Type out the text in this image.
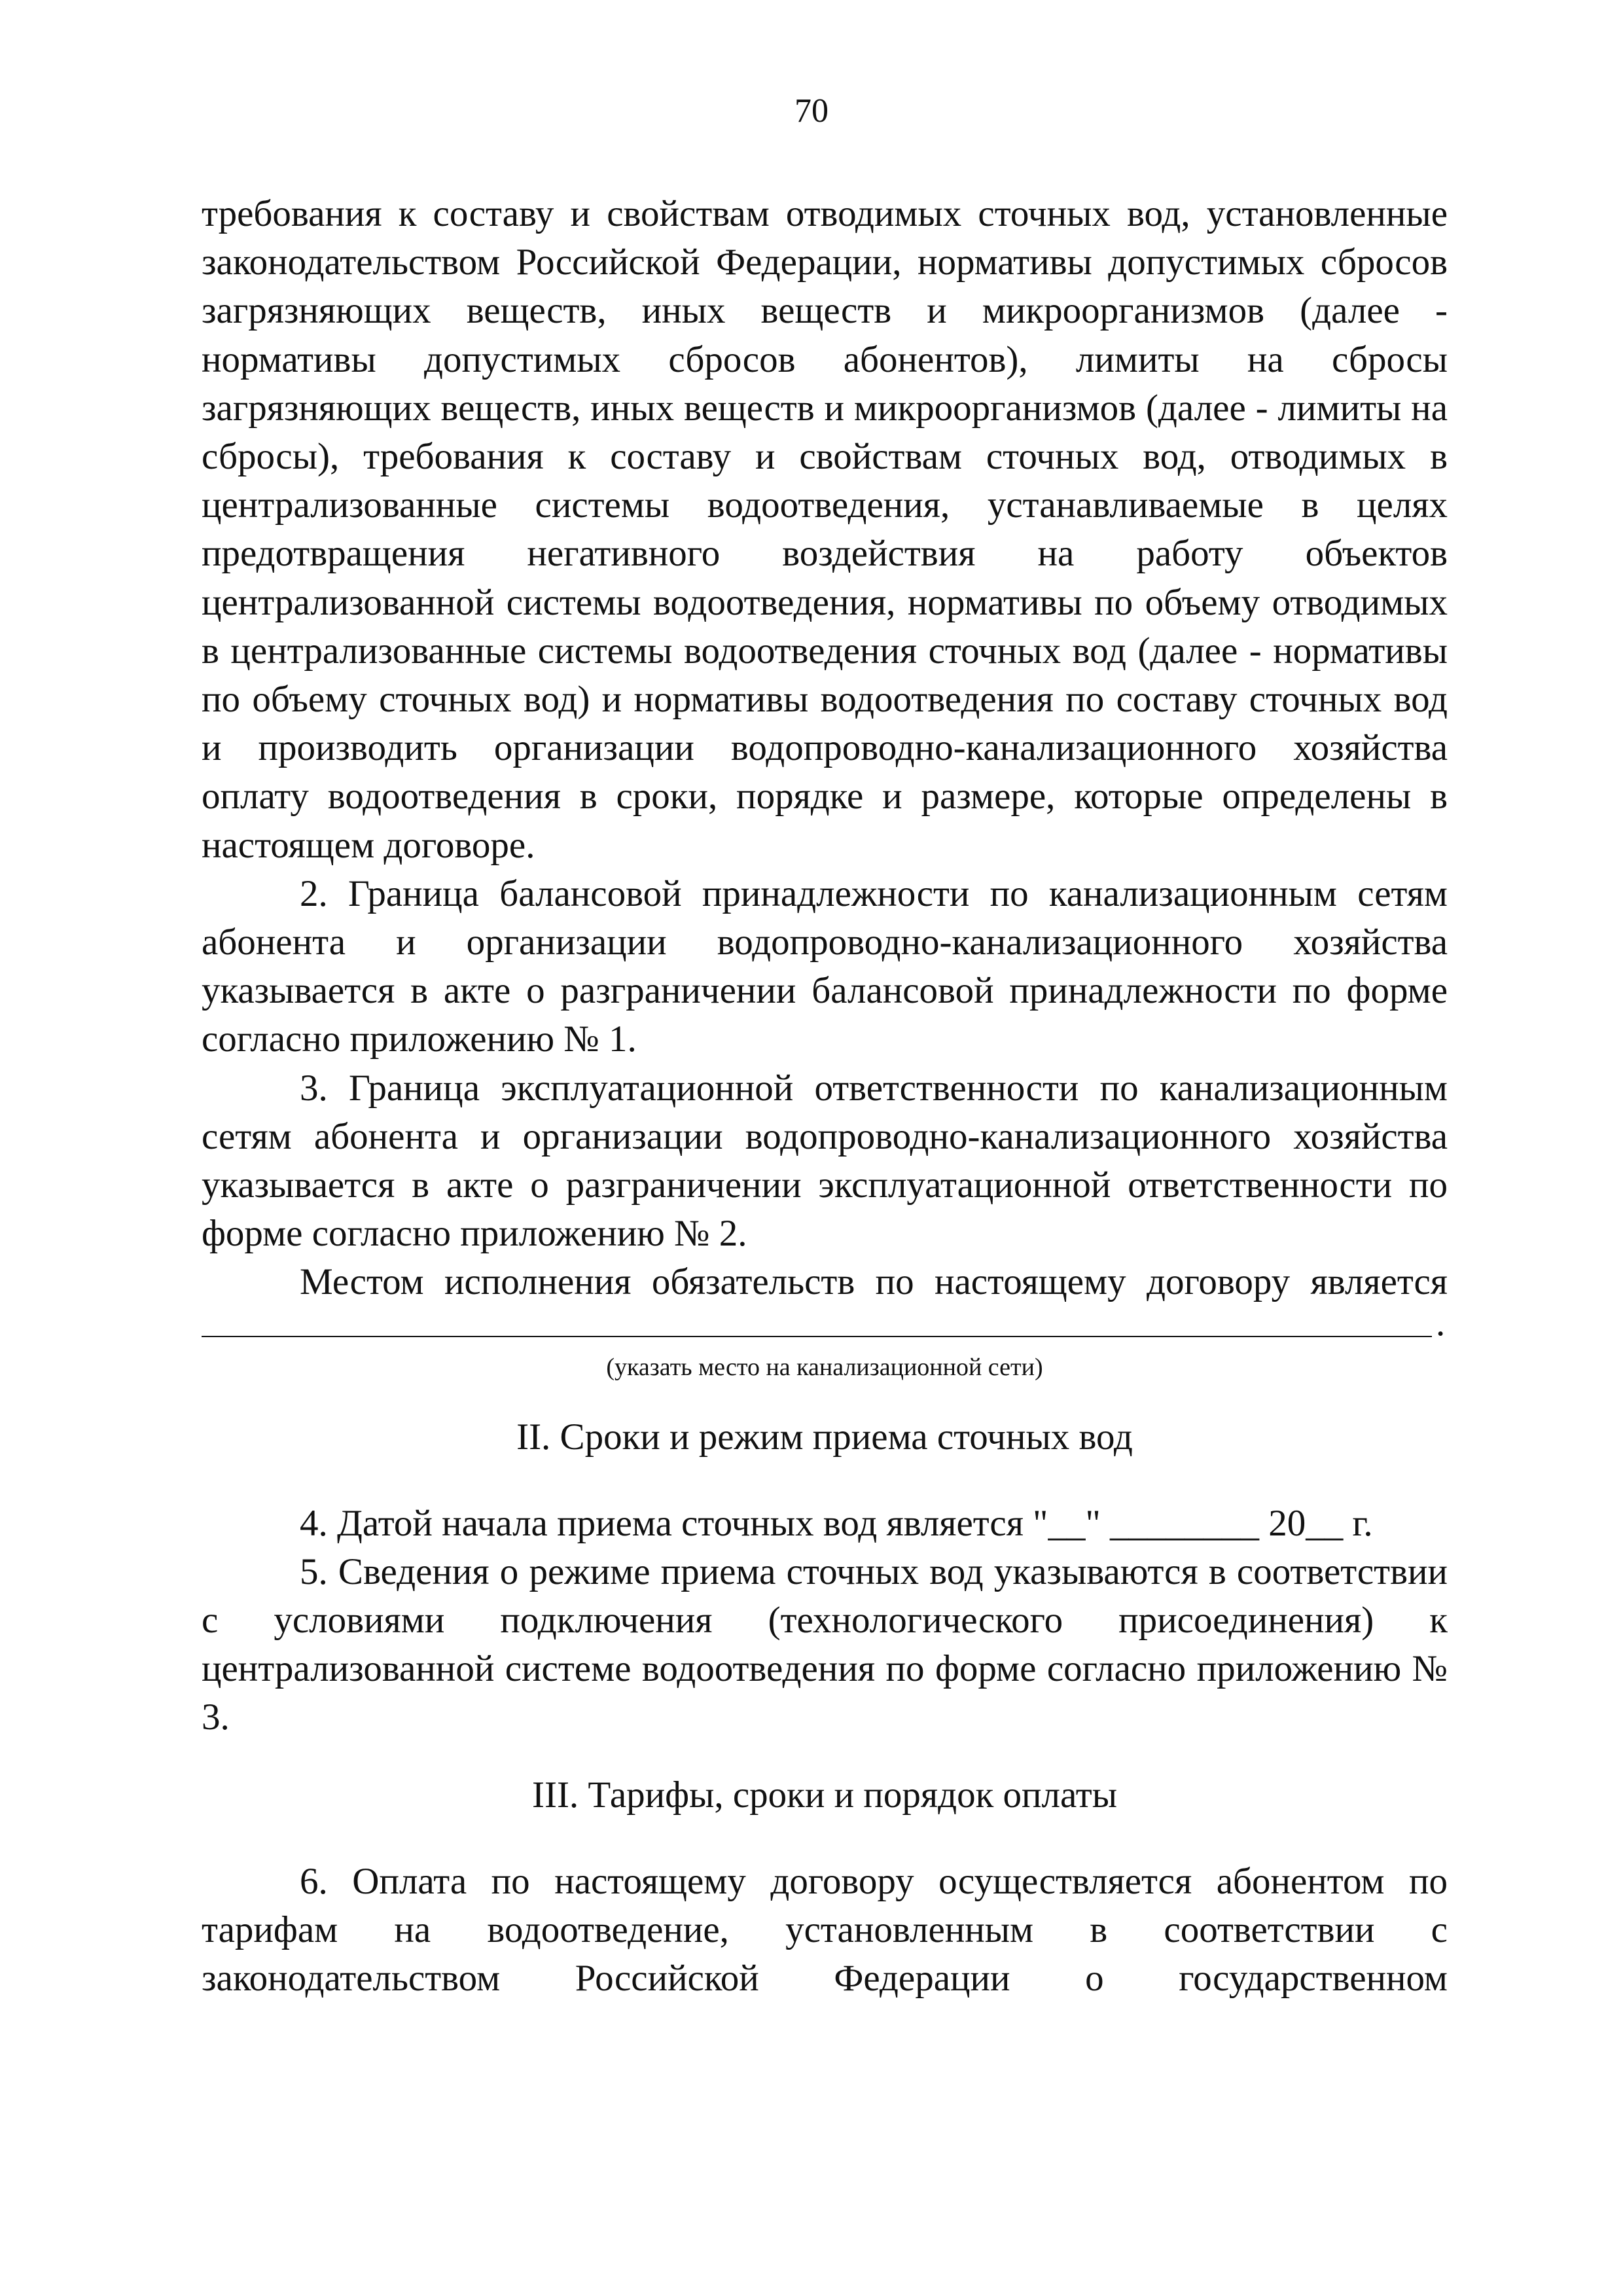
70

требования к составу и свойствам отводимых сточных вод, установленные законодательством Российской Федерации, нормативы допустимых сбросов загрязняющих веществ, иных веществ и микроорганизмов (далее - нормативы допустимых сбросов абонентов), лимиты на сбросы загрязняющих веществ, иных веществ и микроорганизмов (далее - лимиты на сбросы), требования к составу и свойствам сточных вод, отводимых в централизованные системы водоотведения, устанавливаемые в целях предотвращения негативного воздействия на работу объектов централизованной системы водоотведения, нормативы по объему отводимых в централизованные системы водоотведения сточных вод (далее - нормативы по объему сточных вод) и нормативы водоотведения по составу сточных вод и производить организации водопроводно-канализационного хозяйства оплату водоотведения в сроки, порядке и размере, которые определены в настоящем договоре.

2. Граница балансовой принадлежности по канализационным сетям абонента и организации водопроводно-канализационного хозяйства указывается в акте о разграничении балансовой принадлежности по форме согласно приложению № 1.

3. Граница эксплуатационной ответственности по канализационным сетям абонента и организации водопроводно-канализационного хозяйства указывается в акте о разграничении эксплуатационной ответственности по форме согласно приложению № 2.

Местом исполнения обязательств по настоящему договору является

.

(указать место на канализационной сети)

II. Сроки и режим приема сточных вод

4. Датой начала приема сточных вод является "__" ________ 20__ г.

5. Сведения о режиме приема сточных вод указываются в соответствии с условиями подключения (технологического присоединения) к централизованной системе водоотведения по форме согласно приложению № 3.

III. Тарифы, сроки и порядок оплаты

6. Оплата по настоящему договору осуществляется абонентом по тарифам на водоотведение, установленным в соответствии с законодательством Российской Федерации о государственном
